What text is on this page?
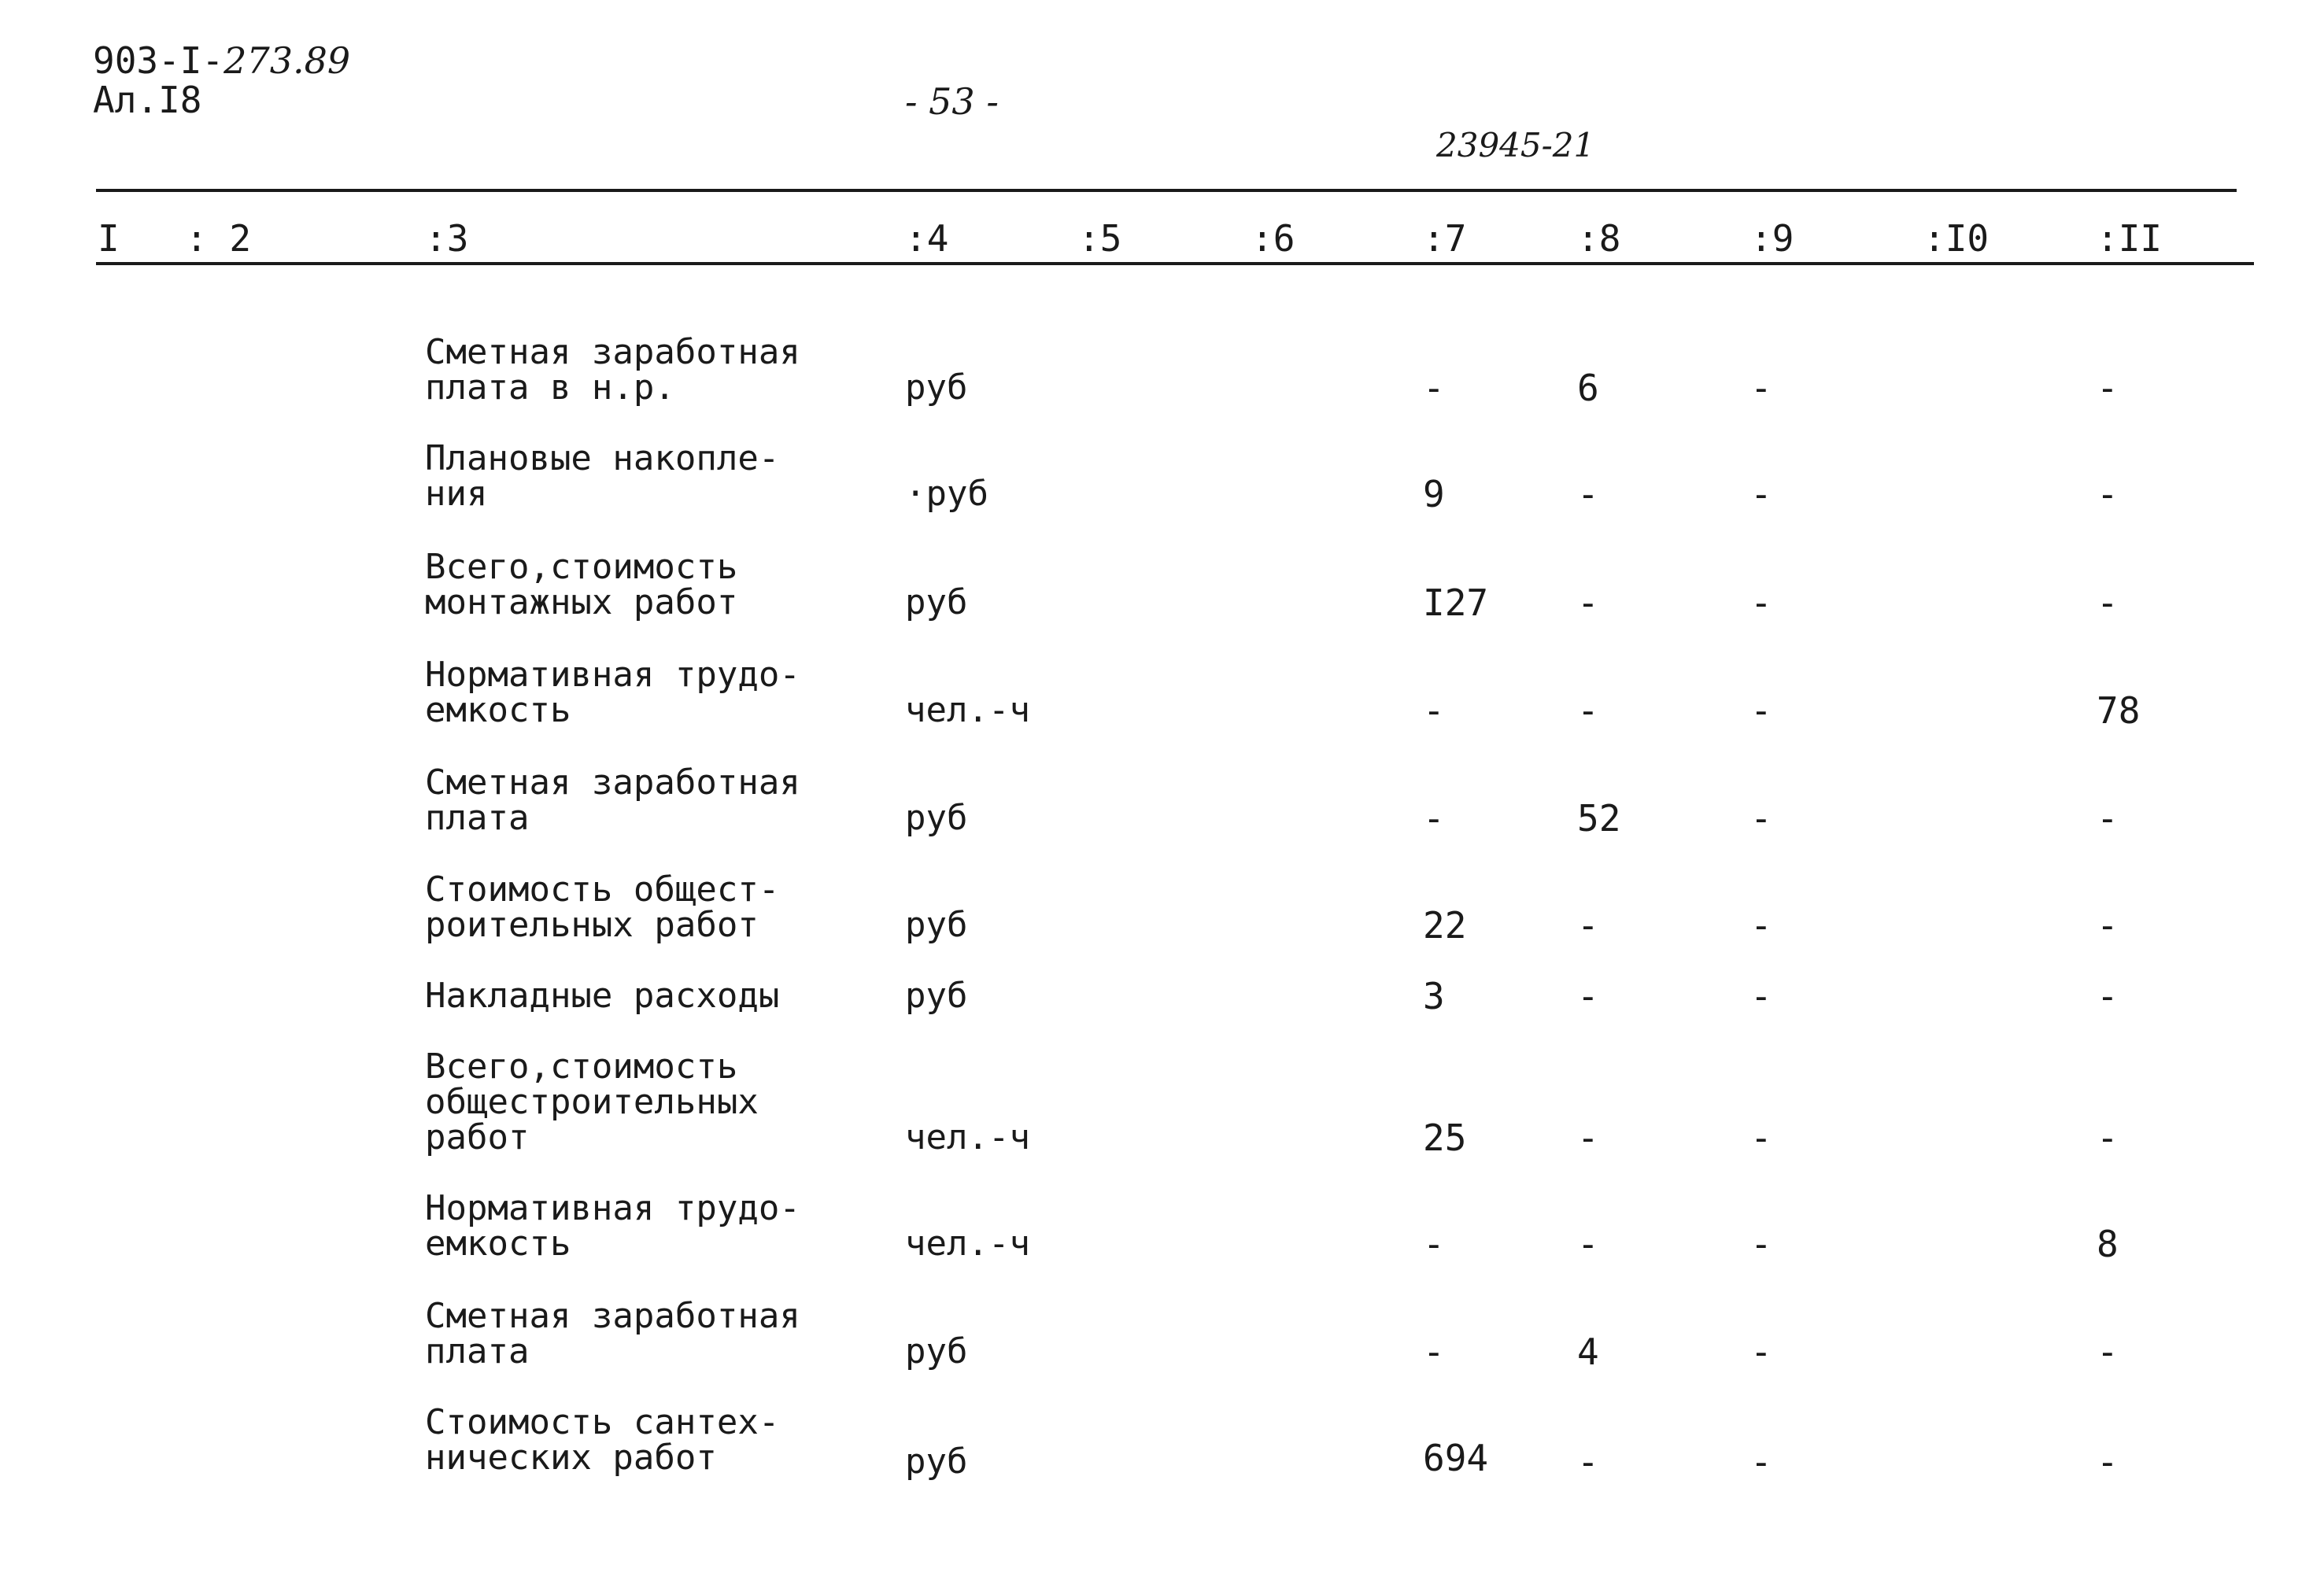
903-I-273.89
Ал.I8	- 53 -
23945-21
I : 2	:3	:4	:5	:6	:7	:8	:9	:I0	:II
Сметная заработная
плата в н.р.	руб	-	6	-	-
Плановые накопле-
ния	·руб	9	-	-	-
Всего,стоимость
монтажных работ	руб	I27 -	-	-
Нормативная трудо-
емкость	чел.-ч	-	-	-	78
Сметная заработная
плата	руб	-	52	-	-
Стоимость общест-
роительных работ	руб	22	-	-	-
Накладные расходы	руб	3	-	-	-
Всего,стоимость
общестроительных
работ	чел.-ч	25	-	-	-
Нормативная трудо-
емкость	чел.-ч	-	-	-	8
Сметная заработная
плата	руб	-	4	-	-
Стоимость сантех-
нических работ	руб	694 -	-	-
